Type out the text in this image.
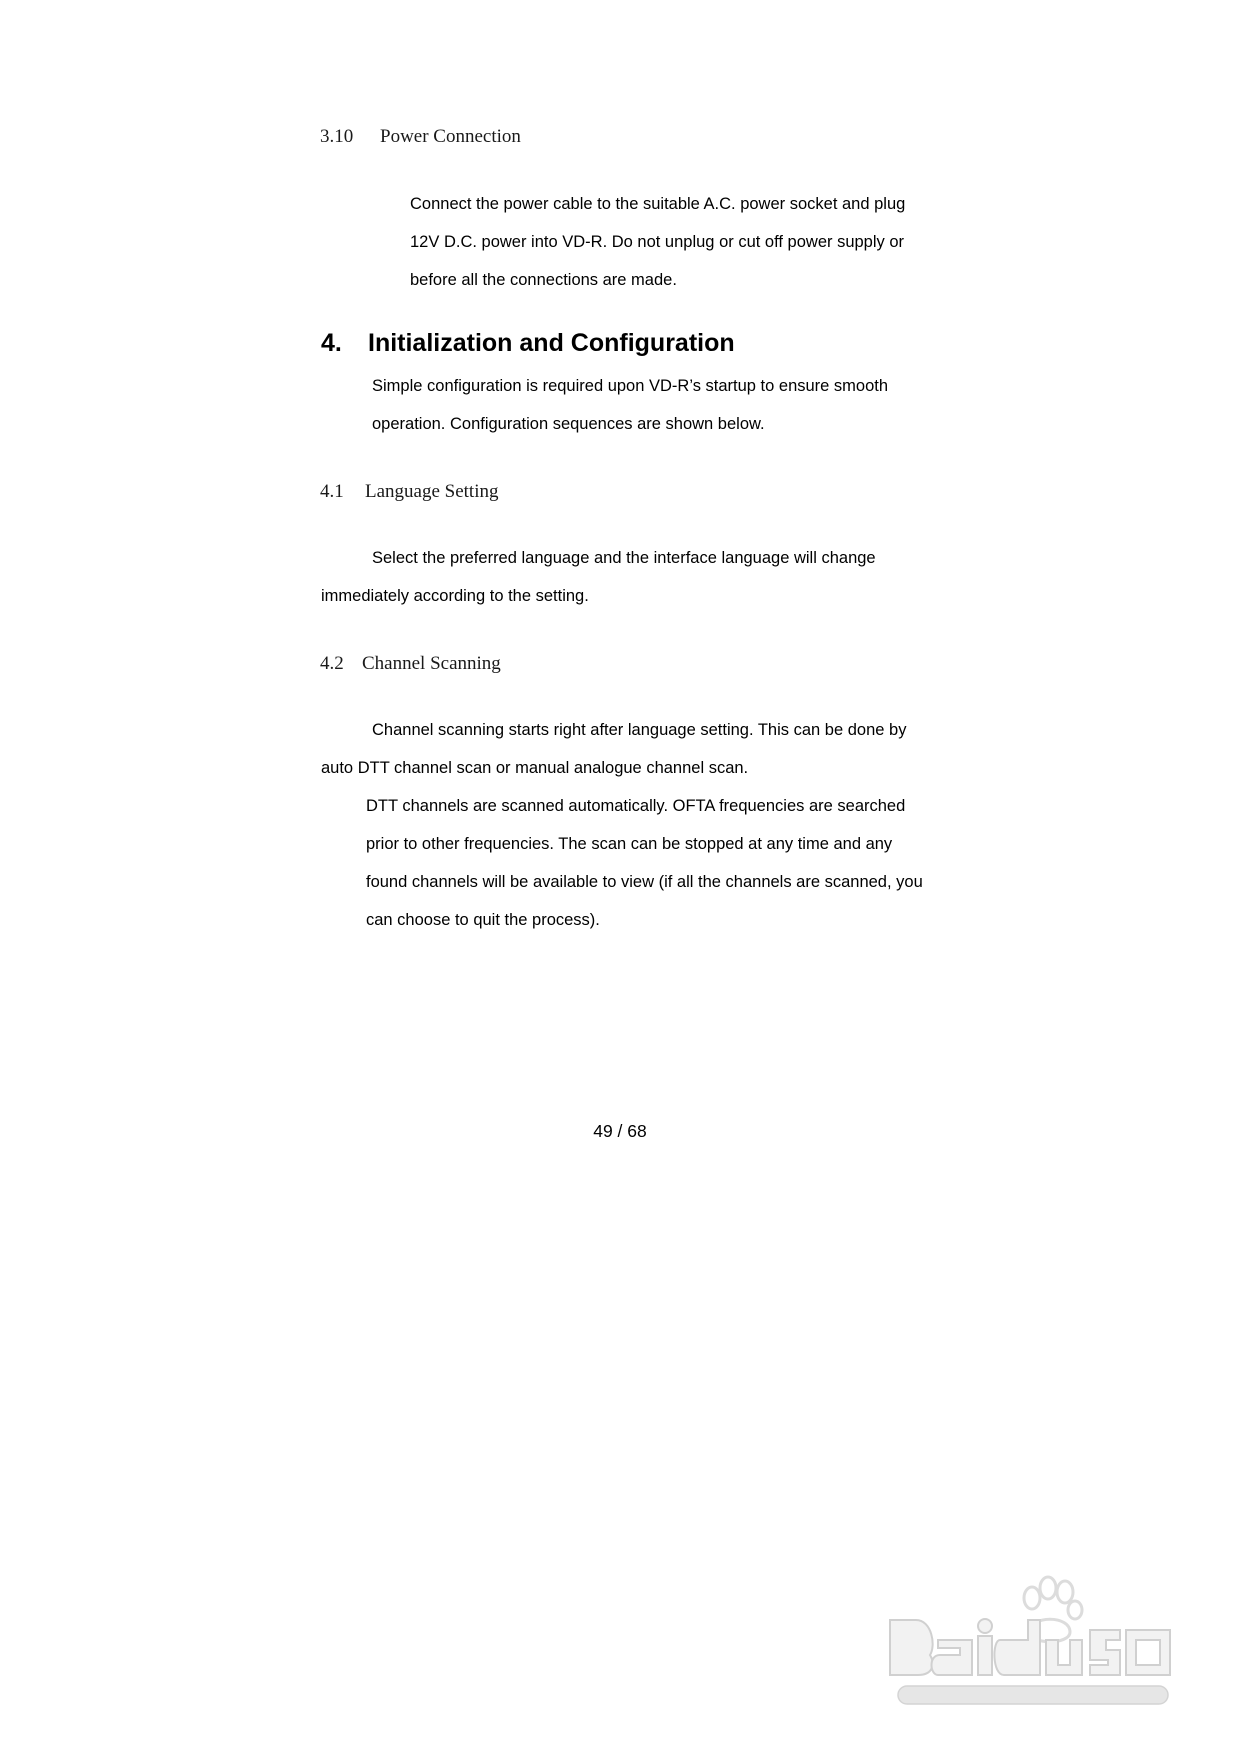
3.10 Power Connection
Connect the power cable to the suitable A.C. power socket and plug
12V D.C. power into VD-R. Do not unplug or cut off power supply or
before all the connections are made.
4. Initialization and Configuration
Simple configuration is required upon VD-R’s startup to ensure smooth
operation. Configuration sequences are shown below.
4.1 Language Setting
Select the preferred language and the interface language will change
immediately according to the setting.
4.2 Channel Scanning
Channel scanning starts right after language setting. This can be done by
auto DTT channel scan or manual analogue channel scan.
DTT channels are scanned automatically. OFTA frequencies are searched
prior to other frequencies. The scan can be stopped at any time and any
found channels will be available to view (if all the channels are scanned, you
can choose to quit the process).
49 / 68
